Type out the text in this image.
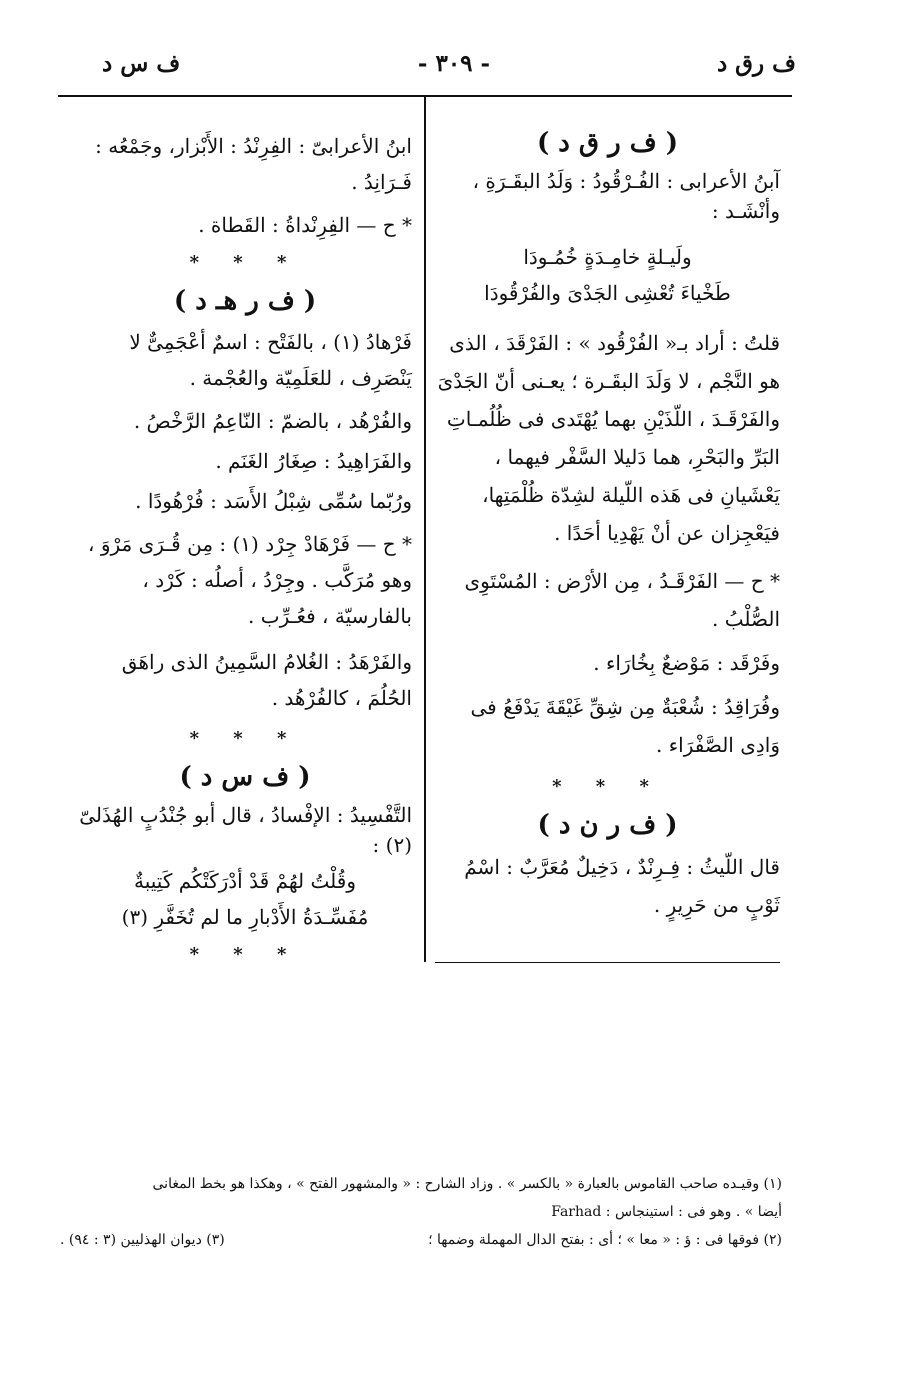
ف رق د
- ٣٠٩ -
ف س د
( ف ر ق د )

آبنُ الأعرابى : الفُـرْقُودُ : وَلَدُ البقَـرَةِ ، وأنْشَـد :

ولَيـلةٍ خامِـدَةٍ خُمُـودَا
طَخْياءَ تُعْشِى الجَدْىَ والفُرْقُودَا

قلتُ : أراد بـ« الفُرْقُود » : الفَرْقَدَ ، الذى هو النَّجْم ، لا وَلَدَ البقَـرة ؛ يعـنى أنّ الجَدْىَ والفَرْقَـدَ ، اللّذَيْنِ بهما يُهْتَدى فى ظُلُمـاتِ البَرِّ والبَحْرِ، هما دَليلا السَّفْر فيهما ، يَعْشَيانِ فى هَذه اللّيلة لشِدّة ظُلْمَتِها، فيَعْجِزان عن أنْ يَهْدِيا أحَدًا .

* ح — الفَرْقَـدُ ، مِن الأرْض : المُسْتَوِى الصُّلْبُ .

وفَرْقَد : مَوْضعٌ بِخُارَاء .

وفُرَاقِدُ : شُعْبَةٌ مِن شِقِّ غَيْقَةَ يَدْفَعُ فى وَادِى الصَّفْرَاء .

* * *
( ف ر ن د )

قال اللّيثُ : فِـرِنْدٌ ، دَخِيلٌ مُعَرَّبٌ : اسْمُ ثَوْبٍ من حَرِيرٍ .

ابنُ الأعرابىّ : الفِرِنْدُ : الأَبْزار، وجَمْعُه : فَـرَانِدُ .

* ح — الفِرِنْداةُ : القَطاة .

* * *
( ف ر هـ د )

فَرْهادُ (١) ، بالفَتْح : اسمٌ أعْجَمِىٌّ لا يَنْصَرِف ، للعَلَمِيّة والعُجْمة .

والفُرْهُد ، بالضمّ : النّاعِمُ الرَّخْصُ .

والفَرَاهِيدُ : صِغَارُ الغَنَم .

ورُبّما سُمِّى شِبْلُ الأَسَد : فُرْهُودًا .

* ح — فَرْهَادْ جِرْد (١) : مِن قُـرَى مَرْوَ ، وهو مُرَكَّب . وجِرْدُ ، أصلُه : كَرْد ، بالفارسيّة ، فعُـرِّب .

والفَرْهَدُ : الغُلامُ السَّمِينُ الذى راهَق الحُلُمَ ، كالفُرْهُد .

* * *
( ف س د )

التَّفْسِيدُ : الإفْسادُ ، قال أبو جُنْدُبٍ الهُذَلىّ (٢) :

وقُلْتُ لهُمْ قَدْ أدْرَكَتْكُم كَتِيبةٌ
مُفَسِّـدَةُ الأَدْبارِ ما لم تُخَفَّرِ (٣)
* * *
(١) وقيـده صاحب القاموس بالعبارة « بالكسر » . وزاد الشارح : « والمشهور الفتح » ، وهكذا هو بخط المغانى
أيضا » . وهو فى : استينجاس : Farhad
(٢) فوقها فى : ؤ : « معا » ؛ أى : بفتح الدال المهملة وضمها ؛
(٣) ديوان الهذليين (٣ : ٩٤) .
